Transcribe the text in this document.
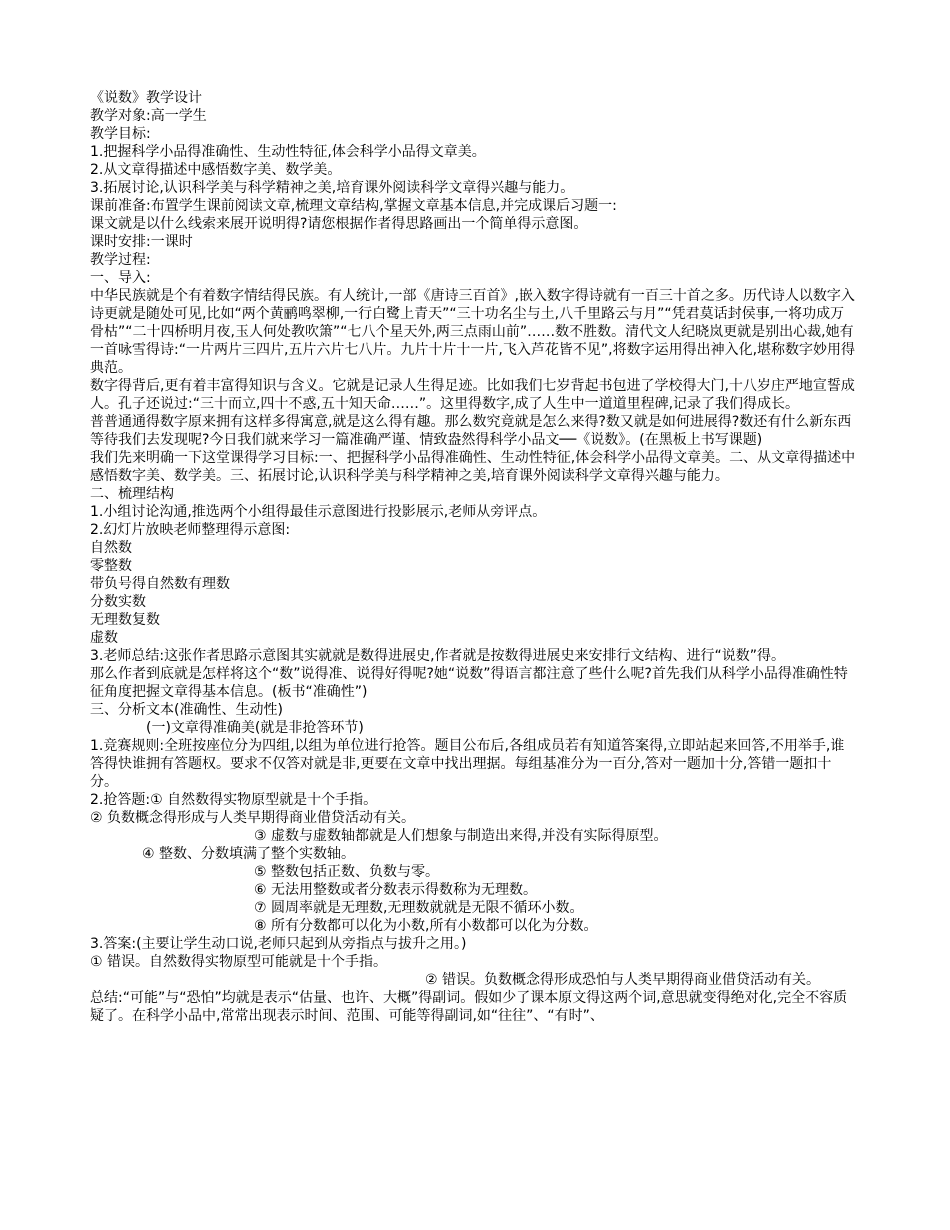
《说数》教学设计

教学对象:高一学生

教学目标:

1.把握科学小品得准确性、生动性特征,体会科学小品得文章美。

2.从文章得描述中感悟数字美、数学美。

3.拓展讨论,认识科学美与科学精神之美,培育课外阅读科学文章得兴趣与能力。

课前准备:布置学生课前阅读文章,梳理文章结构,掌握文章基本信息,并完成课后习题一:

课文就是以什么线索来展开说明得?请您根据作者得思路画出一个简单得示意图。

课时安排:一课时

教学过程:

一、导入:

中华民族就是个有着数字情结得民族。有人统计,一部《唐诗三百首》,嵌入数字得诗就有一百三十首之多。历代诗人以数字入诗更就是随处可见,比如“两个黄鹂鸣翠柳,一行白鹭上青天”“三十功名尘与土,八千里路云与月”“凭君莫话封侯事,一将功成万骨枯”“二十四桥明月夜,玉人何处教吹箫”“七八个星天外,两三点雨山前”……数不胜数。清代文人纪晓岚更就是别出心裁,她有一首咏雪得诗:“一片两片三四片,五片六片七八片。九片十片十一片,飞入芦花皆不见”,将数字运用得出神入化,堪称数字妙用得典范。

数字得背后,更有着丰富得知识与含义。它就是记录人生得足迹。比如我们七岁背起书包进了学校得大门,十八岁庄严地宣誓成人。孔子还说过:“三十而立,四十不惑,五十知天命……”。这里得数字,成了人生中一道道里程碑,记录了我们得成长。

普普通通得数字原来拥有这样多得寓意,就是这么得有趣。那么数究竟就是怎么来得?数又就是如何进展得?数还有什么新东西等待我们去发现呢?今日我们就来学习一篇准确严谨、情致盎然得科学小品文──《说数》。(在黑板上书写课题)

我们先来明确一下这堂课得学习目标:一、把握科学小品得准确性、生动性特征,体会科学小品得文章美。二、从文章得描述中感悟数字美、数学美。三、拓展讨论,认识科学美与科学精神之美,培育课外阅读科学文章得兴趣与能力。

二、梳理结构

1.小组讨论沟通,推选两个小组得最佳示意图进行投影展示,老师从旁评点。

2.幻灯片放映老师整理得示意图:

自然数

零整数

带负号得自然数有理数

分数实数

无理数复数

虚数

3.老师总结:这张作者思路示意图其实就就是数得进展史,作者就是按数得进展史来安排行文结构、进行“说数”得。

那么作者到底就是怎样将这个“数”说得准、说得好得呢?她“说数”得语言都注意了些什么呢?首先我们从科学小品得准确性特征角度把握文章得基本信息。(板书“准确性”)

三、分析文本(准确性、生动性)

(一)文章得准确美(就是非抢答环节)

1.竞赛规则:全班按座位分为四组,以组为单位进行抢答。题目公布后,各组成员若有知道答案得,立即站起来回答,不用举手,谁答得快谁拥有答题权。要求不仅答对就是非,更要在文章中找出理据。每组基准分为一百分,答对一题加十分,答错一题扣十分。

2.抢答题:① 自然数得实物原型就是十个手指。

② 负数概念得形成与人类早期得商业借贷活动有关。

③ 虚数与虚数轴都就是人们想象与制造出来得,并没有实际得原型。

④ 整数、分数填满了整个实数轴。

⑤ 整数包括正数、负数与零。

⑥ 无法用整数或者分数表示得数称为无理数。

⑦ 圆周率就是无理数,无理数就就是无限不循环小数。

⑧ 所有分数都可以化为小数,所有小数都可以化为分数。

3.答案:(主要让学生动口说,老师只起到从旁指点与拔升之用。)

① 错误。自然数得实物原型可能就是十个手指。

② 错误。负数概念得形成恐怕与人类早期得商业借贷活动有关。

总结:“可能”与“恐怕”均就是表示“估量、也许、大概”得副词。假如少了课本原文得这两个词,意思就变得绝对化,完全不容质疑了。在科学小品中,常常出现表示时间、范围、可能等得副词,如“往往”、“有时”、
